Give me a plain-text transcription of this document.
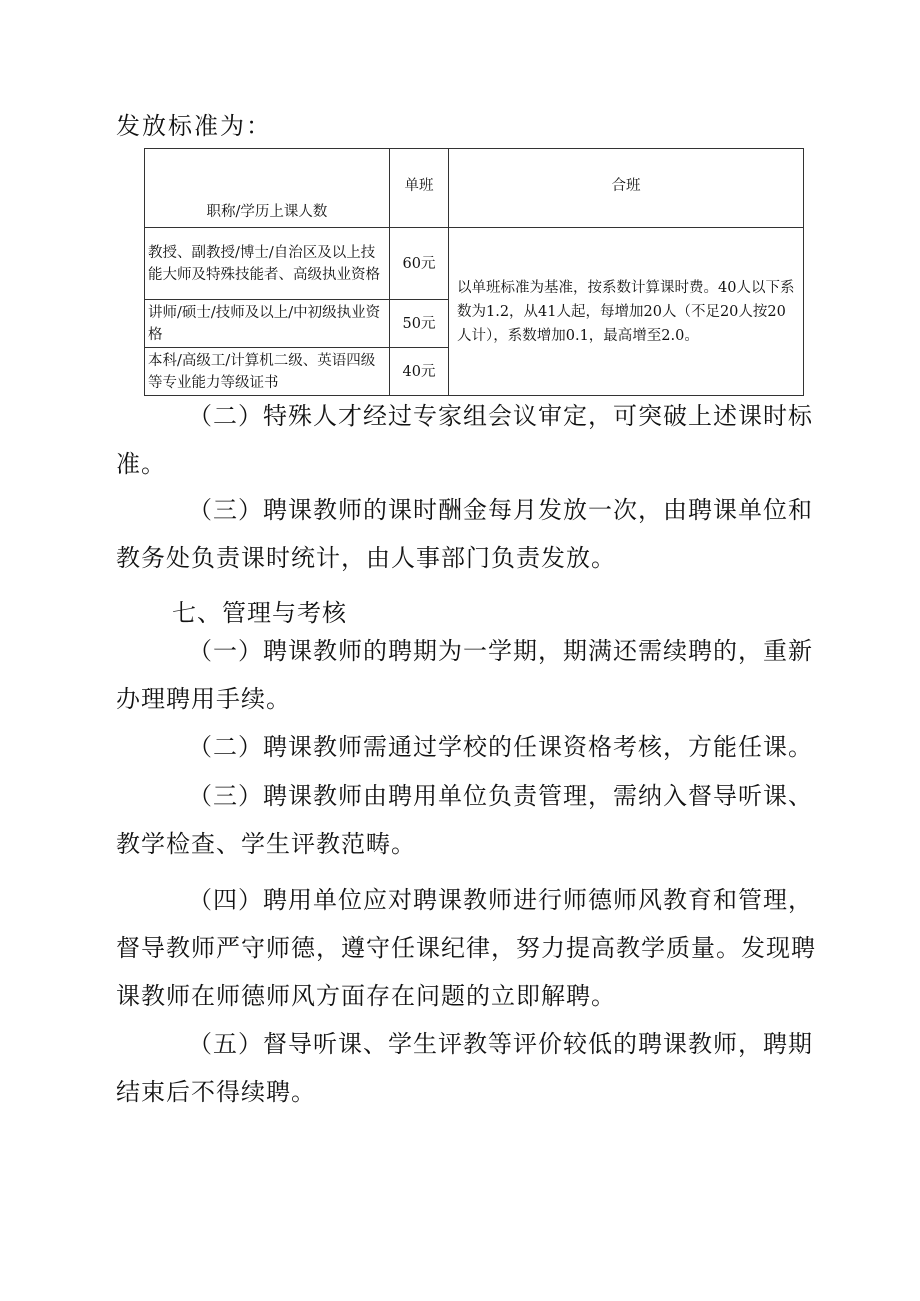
发放标准为：
职称/学历上课人数	单班	合班
教授、副教授/博士/自治区及以上技能大师及特殊技能者、高级执业资格	60元	以单班标准为基准，按系数计算课时费。40人以下系数为1.2，从41人起，每增加20人（不足20人按20人计），系数增加0.1，最高增至2.0。
讲师/硕士/技师及以上/中初级执业资格	50元	
本科/高级工/计算机二级、英语四级等专业能力等级证书	40元	
（二）特殊人才经过专家组会议审定，可突破上述课时标准。
（三）聘课教师的课时酬金每月发放一次，由聘课单位和教务处负责课时统计，由人事部门负责发放。
七、管理与考核
（一）聘课教师的聘期为一学期，期满还需续聘的，重新办理聘用手续。
（二）聘课教师需通过学校的任课资格考核，方能任课。
（三）聘课教师由聘用单位负责管理，需纳入督导听课、教学检查、学生评教范畴。
（四）聘用单位应对聘课教师进行师德师风教育和管理，督导教师严守师德，遵守任课纪律，努力提高教学质量。发现聘课教师在师德师风方面存在问题的立即解聘。
（五）督导听课、学生评教等评价较低的聘课教师，聘期结束后不得续聘。
